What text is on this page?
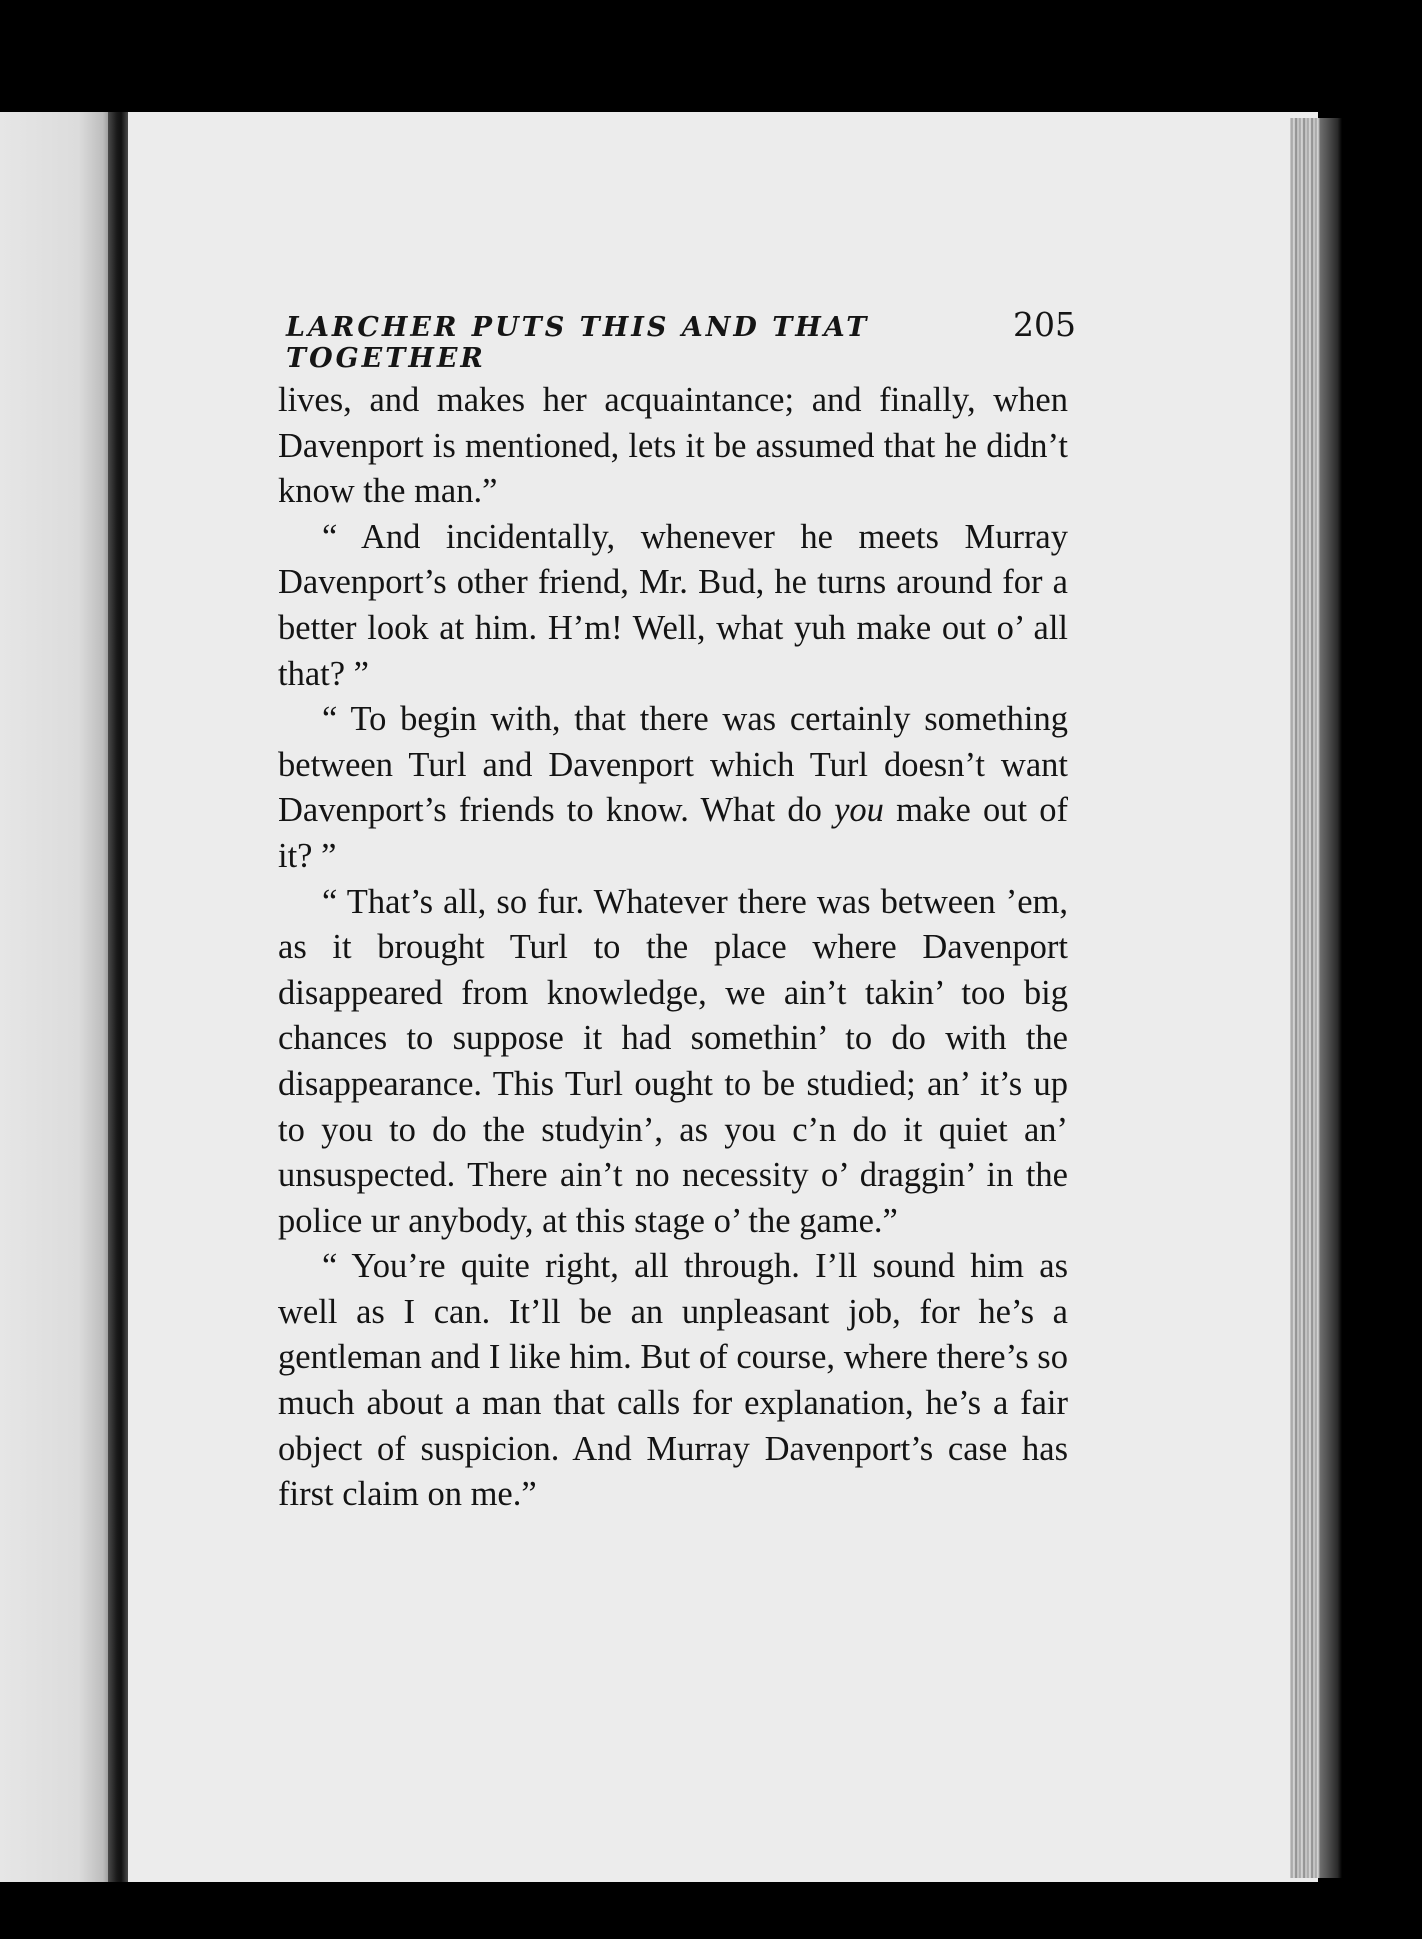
LARCHER PUTS THIS AND THAT TOGETHER
205

lives, and makes her acquaintance; and finally, when Davenport is mentioned, lets it be assumed that he didn’t know the man.”

“ And incidentally, whenever he meets Murray Davenport’s other friend, Mr. Bud, he turns around for a better look at him. H’m! Well, what yuh make out o’ all that? ”

“ To begin with, that there was certainly something between Turl and Davenport which Turl doesn’t want Davenport’s friends to know. What do you make out of it? ”

“ That’s all, so fur. Whatever there was between ’em, as it brought Turl to the place where Davenport disappeared from knowledge, we ain’t takin’ too big chances to suppose it had somethin’ to do with the disappearance. This Turl ought to be studied; an’ it’s up to you to do the studyin’, as you c’n do it quiet an’ unsuspected. There ain’t no necessity o’ draggin’ in the police ur anybody, at this stage o’ the game.”

“ You’re quite right, all through. I’ll sound him as well as I can. It’ll be an unpleasant job, for he’s a gentleman and I like him. But of course, where there’s so much about a man that calls for explanation, he’s a fair object of suspicion. And Murray Davenport’s case has first claim on me.”
